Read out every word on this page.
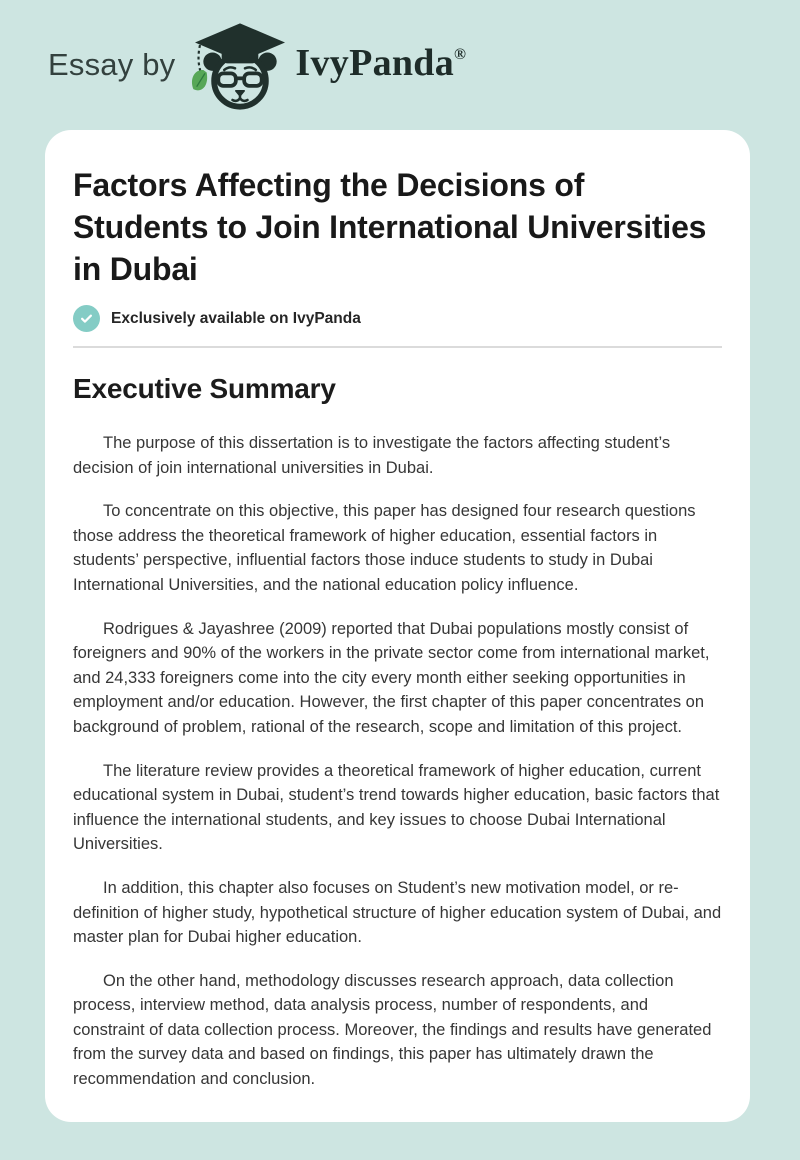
Essay by	IvyPanda®
Factors Affecting the Decisions of Students to Join International Universities in Dubai
Exclusively available on IvyPanda
Executive Summary

The purpose of this dissertation is to investigate the factors affecting student’s decision of join international universities in Dubai.

To concentrate on this objective, this paper has designed four research questions those address the theoretical framework of higher education, essential factors in students’ perspective, influential factors those induce students to study in Dubai International Universities, and the national education policy influence.

Rodrigues & Jayashree (2009) reported that Dubai populations mostly consist of foreigners and 90% of the workers in the private sector come from international market, and 24,333 foreigners come into the city every month either seeking opportunities in employment and/or education. However, the first chapter of this paper concentrates on background of problem, rational of the research, scope and limitation of this project.

The literature review provides a theoretical framework of higher education, current educational system in Dubai, student’s trend towards higher education, basic factors that influence the international students, and key issues to choose Dubai International Universities.

In addition, this chapter also focuses on Student’s new motivation model, or re-definition of higher study, hypothetical structure of higher education system of Dubai, and master plan for Dubai higher education.

On the other hand, methodology discusses research approach, data collection process, interview method, data analysis process, number of respondents, and constraint of data collection process. Moreover, the findings and results have generated from the survey data and based on findings, this paper has ultimately drawn the recommendation and conclusion.
